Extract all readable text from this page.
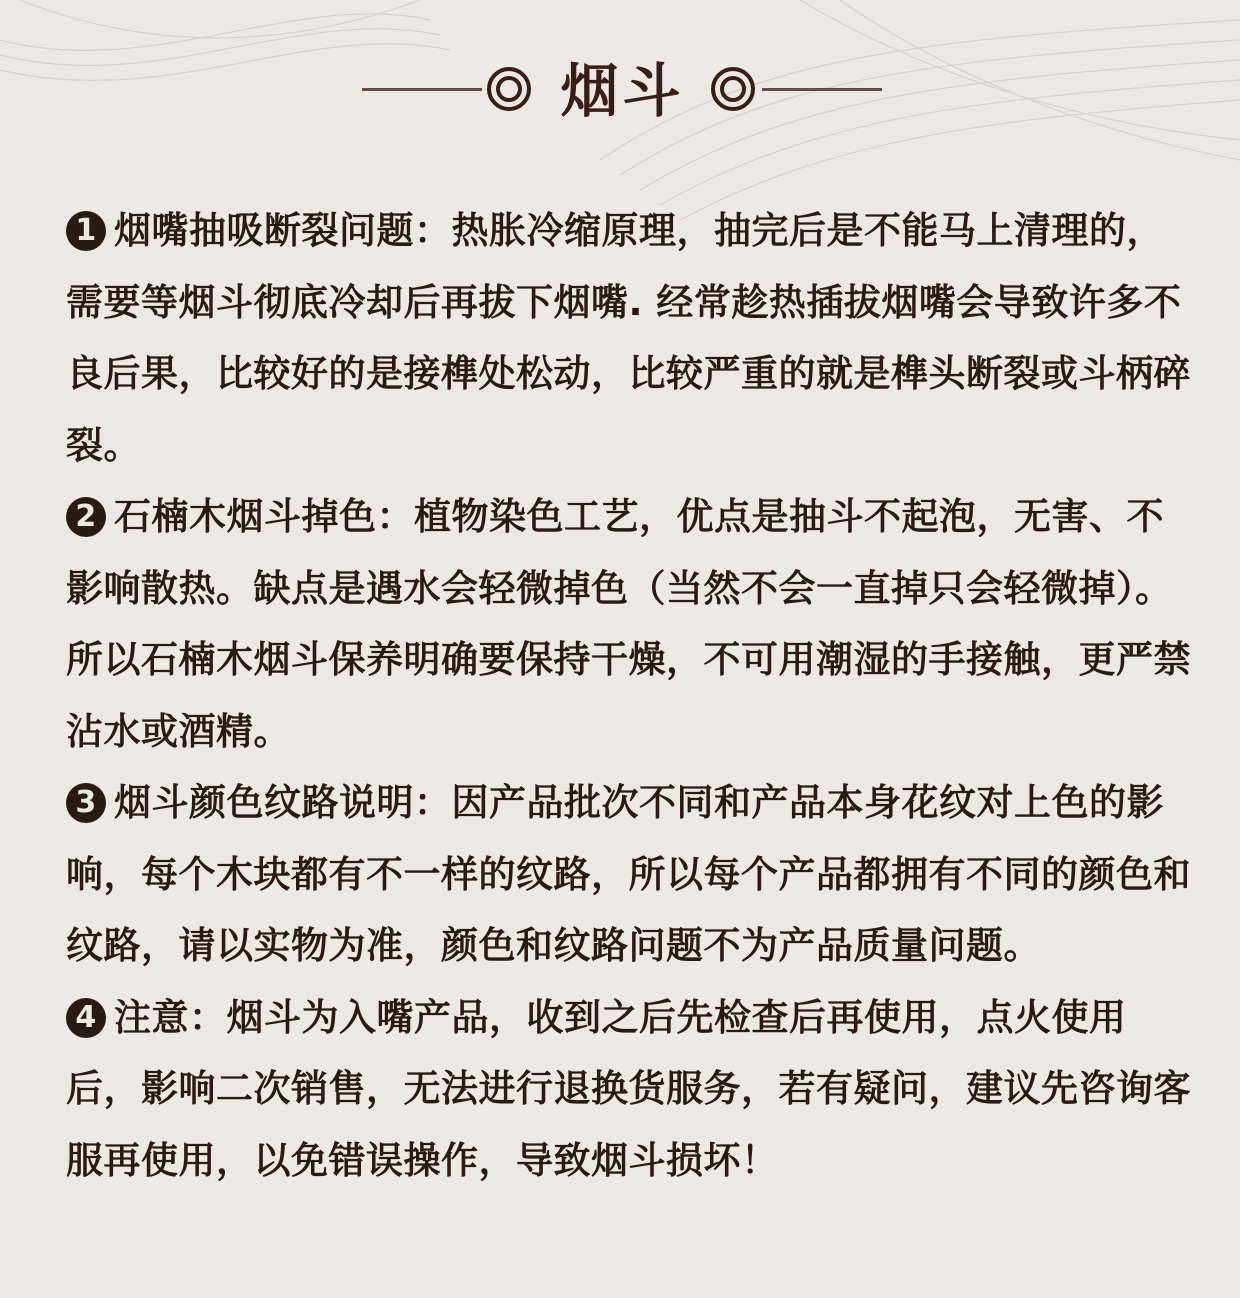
烟斗
1 烟嘴抽吸断裂问题：热胀冷缩原理，抽完后是不能马上清理的，需要等烟斗彻底冷却后再拔下烟嘴. 经常趁热插拔烟嘴会导致许多不良后果，比较好的是接榫处松动，比较严重的就是榫头断裂或斗柄碎裂。
2 石楠木烟斗掉色：植物染色工艺，优点是抽斗不起泡，无害、不影响散热。缺点是遇水会轻微掉色（当然不会一直掉只会轻微掉）。所以石楠木烟斗保养明确要保持干燥，不可用潮湿的手接触，更严禁沾水或酒精。
3 烟斗颜色纹路说明：因产品批次不同和产品本身花纹对上色的影响，每个木块都有不一样的纹路，所以每个产品都拥有不同的颜色和纹路，请以实物为准，颜色和纹路问题不为产品质量问题。
4 注意：烟斗为入嘴产品，收到之后先检查后再使用，点火使用后，影响二次销售，无法进行退换货服务，若有疑问，建议先咨询客服再使用，以免错误操作，导致烟斗损坏！
